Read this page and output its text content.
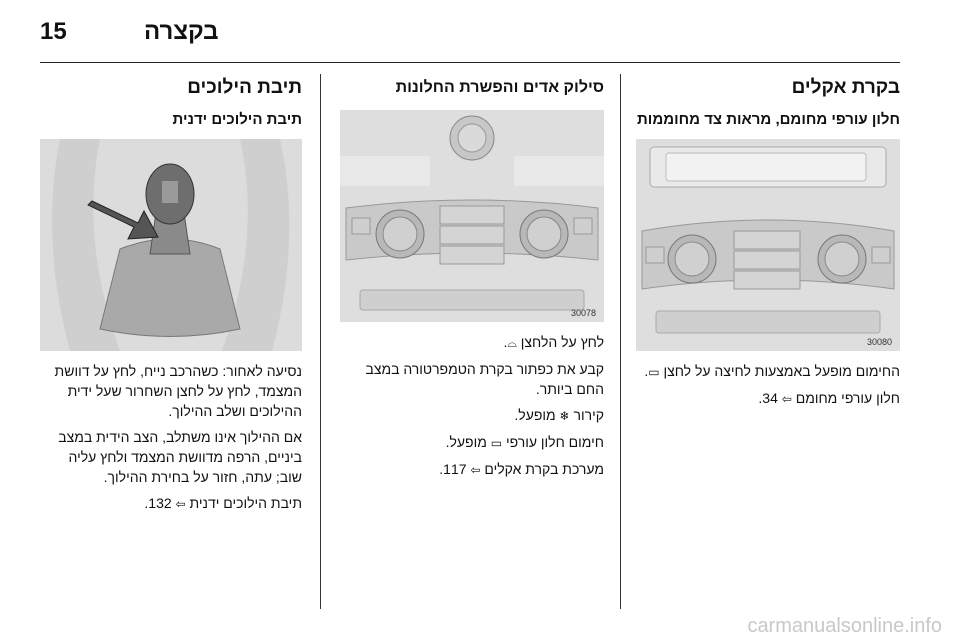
15	בקצרה
בקרת אקלים
חלון עורפי מחומם, מראות צד מחוממות
30080

החימום מופעל באמצעות לחיצה על לחצן ▭.

חלון עורפי מחומם ⇦ 34.

סילוק אדים והפשרת החלונות
30078

לחץ על הלחצן ⌓.

קבע את כפתור בקרת הטמפרטורה במצב החם ביותר.

קירור ❄ מופעל.

חימום חלון עורפי ▭ מופעל.

מערכת בקרת אקלים ⇦ 117.

תיבת הילוכים
תיבת הילוכים ידנית

נסיעה לאחור: כשהרכב נייח, לחץ על דוושת המצמד, לחץ על לחצן השחרור שעל ידית ההילוכים ושלב ההילוך.

אם ההילוך אינו משתלב, הצב הידית במצב ביניים, הרפה מדוושת המצמד ולחץ עליה שוב; עתה, חזור על בחירת ההילוך.

תיבת הילוכים ידנית ⇦ 132.

carmanualsonline.info
